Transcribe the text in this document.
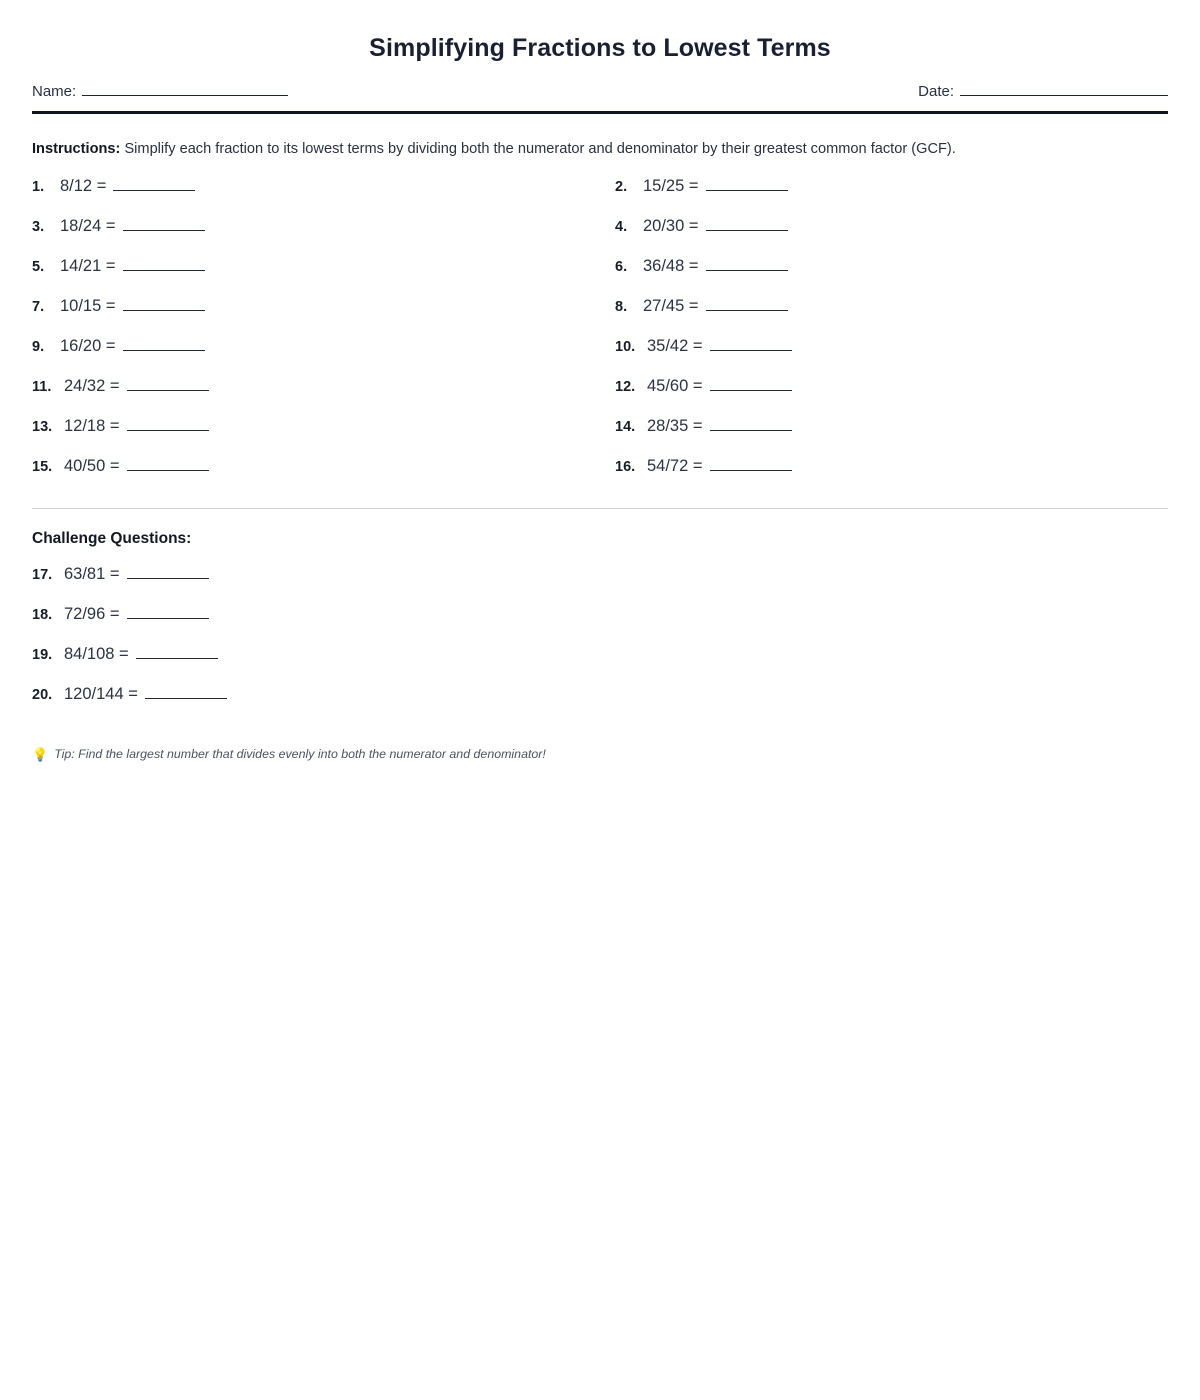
Simplifying Fractions to Lowest Terms
Name:	Date:
Instructions: Simplify each fraction to its lowest terms by dividing both the numerator and denominator by their greatest common factor (GCF).
1. 8/12 =
3. 18/24 =
5. 14/21 =
7. 10/15 =
9. 16/20 =
11. 24/32 =
13. 12/18 =
15. 40/50 =
2. 15/25 =
4. 20/30 =
6. 36/48 =
8. 27/45 =
10. 35/42 =
12. 45/60 =
14. 28/35 =
16. 54/72 =
Challenge Questions:
17. 63/81 =
18. 72/96 =
19. 84/108 =
20. 120/144 =
💡 Tip: Find the largest number that divides evenly into both the numerator and denominator!
